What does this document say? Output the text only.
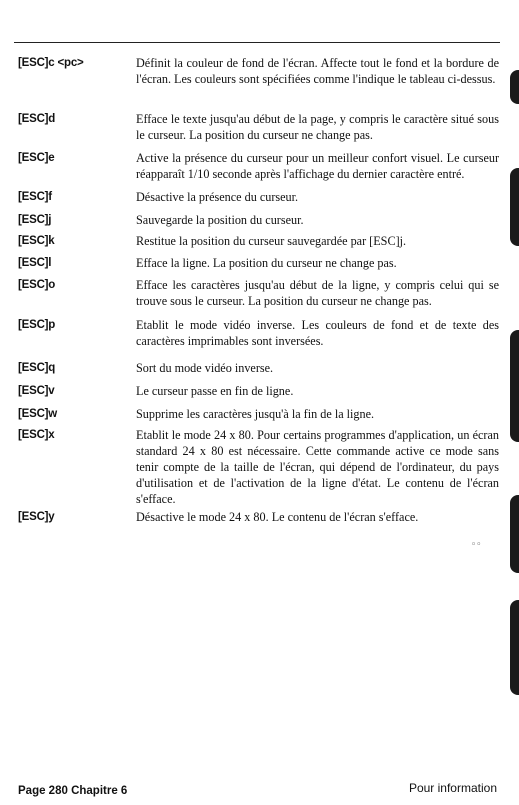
[ESC]c <pc>	Définit la couleur de fond de l'écran. Affecte tout le fond et la bordure de l'écran. Les couleurs sont spécifiées comme l'indique le tableau ci-dessus.
[ESC]d	Efface le texte jusqu'au début de la page, y compris le caractère situé sous le curseur. La position du curseur ne change pas.
[ESC]e	Active la présence du curseur pour un meilleur confort visuel. Le curseur réapparaît 1/10 seconde après l'affichage du dernier caractère entré.
[ESC]f	Désactive la présence du curseur.
[ESC]j	Sauvegarde la position du curseur.
[ESC]k	Restitue la position du curseur sauvegardée par [ESC]j.
[ESC]l	Efface la ligne. La position du curseur ne change pas.
[ESC]o	Efface les caractères jusqu'au début de la ligne, y compris celui qui se trouve sous le curseur. La position du curseur ne change pas.
[ESC]p	Etablit le mode vidéo inverse. Les couleurs de fond et de texte des caractères imprimables sont inversées.
[ESC]q	Sort du mode vidéo inverse.
[ESC]v	Le curseur passe en fin de ligne.
[ESC]w	Supprime les caractères jusqu'à la fin de la ligne.
[ESC]x	Etablit le mode 24 x 80. Pour certains programmes d'application, un écran standard 24 x 80 est nécessaire. Cette commande active ce mode sans tenir compte de la taille de l'écran, qui dépend de l'ordinateur, du pays d'utilisation et de l'activation de la ligne d'état. Le contenu de l'écran s'efface.
[ESC]y	Désactive le mode 24 x 80. Le contenu de l'écran s'efface.
◦◦
Page 280 Chapitre 6	Pour information
